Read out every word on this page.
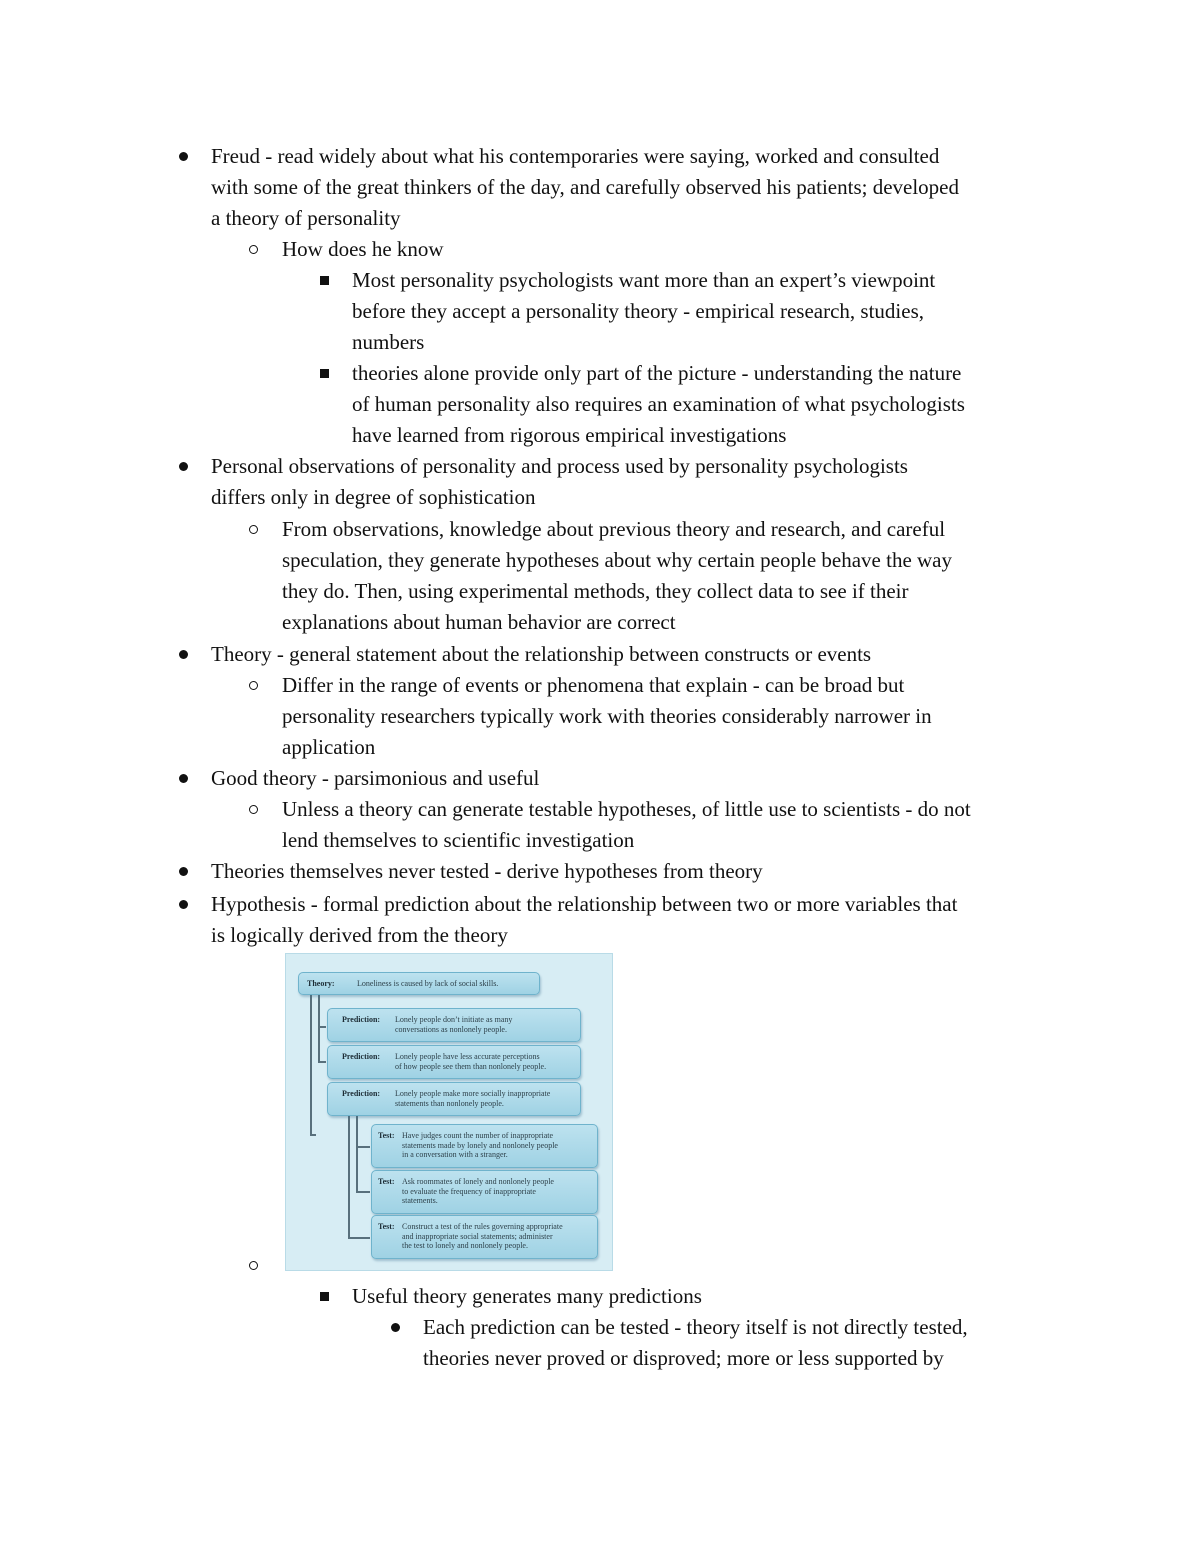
Freud - read widely about what his contemporaries were saying, worked and consulted
with some of the great thinkers of the day, and carefully observed his patients; developed
a theory of personality
How does he know
Most personality psychologists want more than an expert’s viewpoint
before they accept a personality theory - empirical research, studies,
numbers
theories alone provide only part of the picture - understanding the nature
of human personality also requires an examination of what psychologists
have learned from rigorous empirical investigations
Personal observations of personality and process used by personality psychologists
differs only in degree of sophistication
From observations, knowledge about previous theory and research, and careful
speculation, they generate hypotheses about why certain people behave the way
they do. Then, using experimental methods, they collect data to see if their
explanations about human behavior are correct
Theory - general statement about the relationship between constructs or events
Differ in the range of events or phenomena that explain - can be broad but
personality researchers typically work with theories considerably narrower in
application
Good theory - parsimonious and useful
Unless a theory can generate testable hypotheses, of little use to scientists - do not
lend themselves to scientific investigation
Theories themselves never tested - derive hypotheses from theory
Hypothesis - formal prediction about the relationship between two or more variables that
is logically derived from the theory
Theory:	Loneliness is caused by lack of social skills.
Prediction: Lonely people don’t initiate as many
conversations as nonlonely people.
Prediction: Lonely people have less accurate perceptions
of how people see them than nonlonely people.
Prediction: Lonely people make more socially inappropriate
statements than nonlonely people.
Test: Have judges count the number of inappropriate
statements made by lonely and nonlonely people
in a conversation with a stranger.
Test: Ask roommates of lonely and nonlonely people
to evaluate the frequency of inappropriate
statements.
Test: Construct a test of the rules governing appropriate
and inappropriate social statements; administer
the test to lonely and nonlonely people.
Useful theory generates many predictions
Each prediction can be tested - theory itself is not directly tested,
theories never proved or disproved; more or less supported by
